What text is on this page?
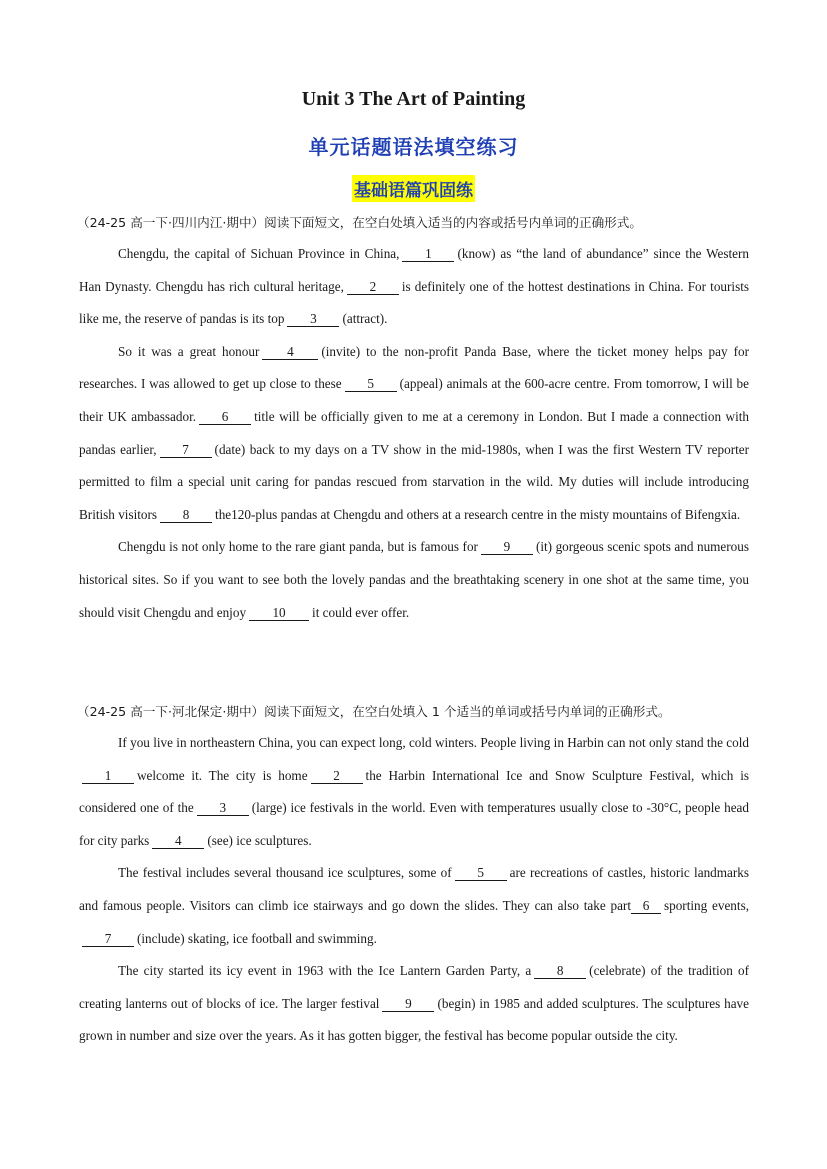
Unit 3 The Art of Painting
单元话题语法填空练习
基础语篇巩固练

（24-25 高一下·四川内江·期中）阅读下面短文，在空白处填入适当的内容或括号内单词的正确形式。

Chengdu, the capital of Sichuan Province in China, 1 (know) as “the land of abundance” since the Western Han Dynasty. Chengdu has rich cultural heritage, 2 is definitely one of the hottest destinations in China. For tourists like me, the reserve of pandas is its top 3 (attract).

So it was a great honour 4 (invite) to the non-profit Panda Base, where the ticket money helps pay for researches. I was allowed to get up close to these 5 (appeal) animals at the 600-acre centre. From tomorrow, I will be their UK ambassador. 6 title will be officially given to me at a ceremony in London. But I made a connection with pandas earlier, 7 (date) back to my days on a TV show in the mid-1980s, when I was the first Western TV reporter permitted to film a special unit caring for pandas rescued from starvation in the wild. My duties will include introducing British visitors 8 the120-plus pandas at Chengdu and others at a research centre in the misty mountains of Bifengxia.

Chengdu is not only home to the rare giant panda, but is famous for 9 (it) gorgeous scenic spots and numerous historical sites. So if you want to see both the lovely pandas and the breathtaking scenery in one shot at the same time, you should visit Chengdu and enjoy 10 it could ever offer.

（24-25 高一下·河北保定·期中）阅读下面短文，在空白处填入 1 个适当的单词或括号内单词的正确形式。

If you live in northeastern China, you can expect long, cold winters. People living in Harbin can not only stand the cold1 welcome it. The city is home 2 the Harbin International Ice and Snow Sculpture Festival, which is considered one of the 3 (large) ice festivals in the world. Even with temperatures usually close to -30°C, people head for city parks 4 (see) ice sculptures.

The festival includes several thousand ice sculptures, some of 5 are recreations of castles, historic landmarks and famous people. Visitors can climb ice stairways and go down the slides. They can also take part 6 sporting events,7 (include) skating, ice football and swimming.

The city started its icy event in 1963 with the Ice Lantern Garden Party, a 8 (celebrate) of the tradition of creating lanterns out of blocks of ice. The larger festival 9 (begin) in 1985 and added sculptures. The sculptures have grown in number and size over the years. As it has gotten bigger, the festival has become popular outside the city.
